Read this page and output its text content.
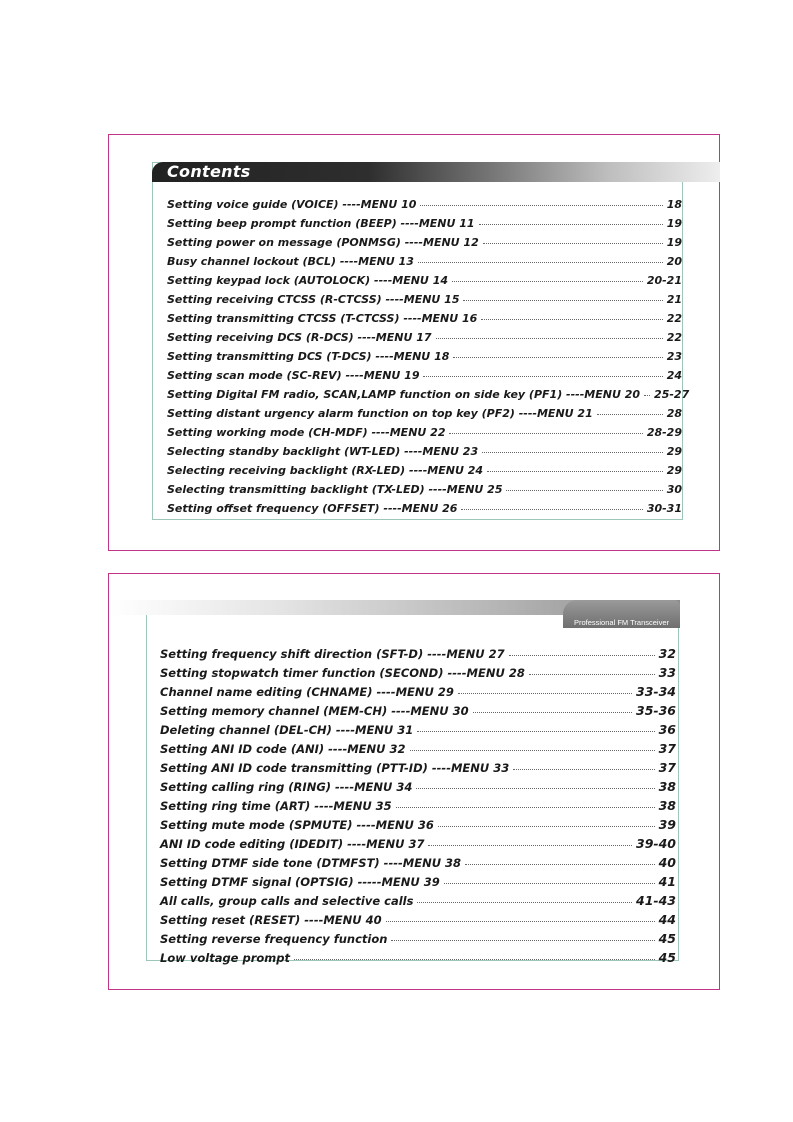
Contents
Setting voice guide (VOICE) ----MENU 10	18
Setting beep prompt function (BEEP) ----MENU 11	19
Setting power on message (PONMSG) ----MENU 12	19
Busy channel lockout (BCL) ----MENU 13	20
Setting keypad lock (AUTOLOCK) ----MENU 14	20-21
Setting receiving CTCSS (R-CTCSS) ----MENU 15	21
Setting transmitting CTCSS (T-CTCSS) ----MENU 16	22
Setting receiving DCS (R-DCS) ----MENU 17	22
Setting transmitting DCS (T-DCS) ----MENU 18	23
Setting scan mode (SC-REV) ----MENU 19	24
Setting Digital FM radio, SCAN,LAMP function on side key (PF1) ----MENU 20 25-27
Setting distant urgency alarm function on top key (PF2) ----MENU 21	28
Setting working mode (CH-MDF) ----MENU 22	28-29
Selecting standby backlight (WT-LED) ----MENU 23	29
Selecting receiving backlight (RX-LED) ----MENU 24	29
Selecting transmitting backlight (TX-LED) ----MENU 25	30
Setting offset frequency (OFFSET) ----MENU 26	30-31
Professional FM Transceiver
Setting frequency shift direction (SFT-D) ----MENU 27	32
Setting stopwatch timer function (SECOND) ----MENU 28	33
Channel name editing (CHNAME) ----MENU 29	33-34
Setting memory channel (MEM-CH) ----MENU 30	35-36
Deleting channel (DEL-CH) ----MENU 31	36
Setting ANI ID code (ANI) ----MENU 32	37
Setting ANI ID code transmitting (PTT-ID) ----MENU 33	37
Setting calling ring (RING) ----MENU 34	38
Setting ring time (ART) ----MENU 35	38
Setting mute mode (SPMUTE) ----MENU 36	39
ANI ID code editing (IDEDIT) ----MENU 37	39-40
Setting DTMF side tone (DTMFST) ----MENU 38	40
Setting DTMF signal (OPTSIG) -----MENU 39	41
All calls, group calls and selective calls	41-43
Setting reset (RESET) ----MENU 40	44
Setting reverse frequency function	45
Low voltage prompt	45
